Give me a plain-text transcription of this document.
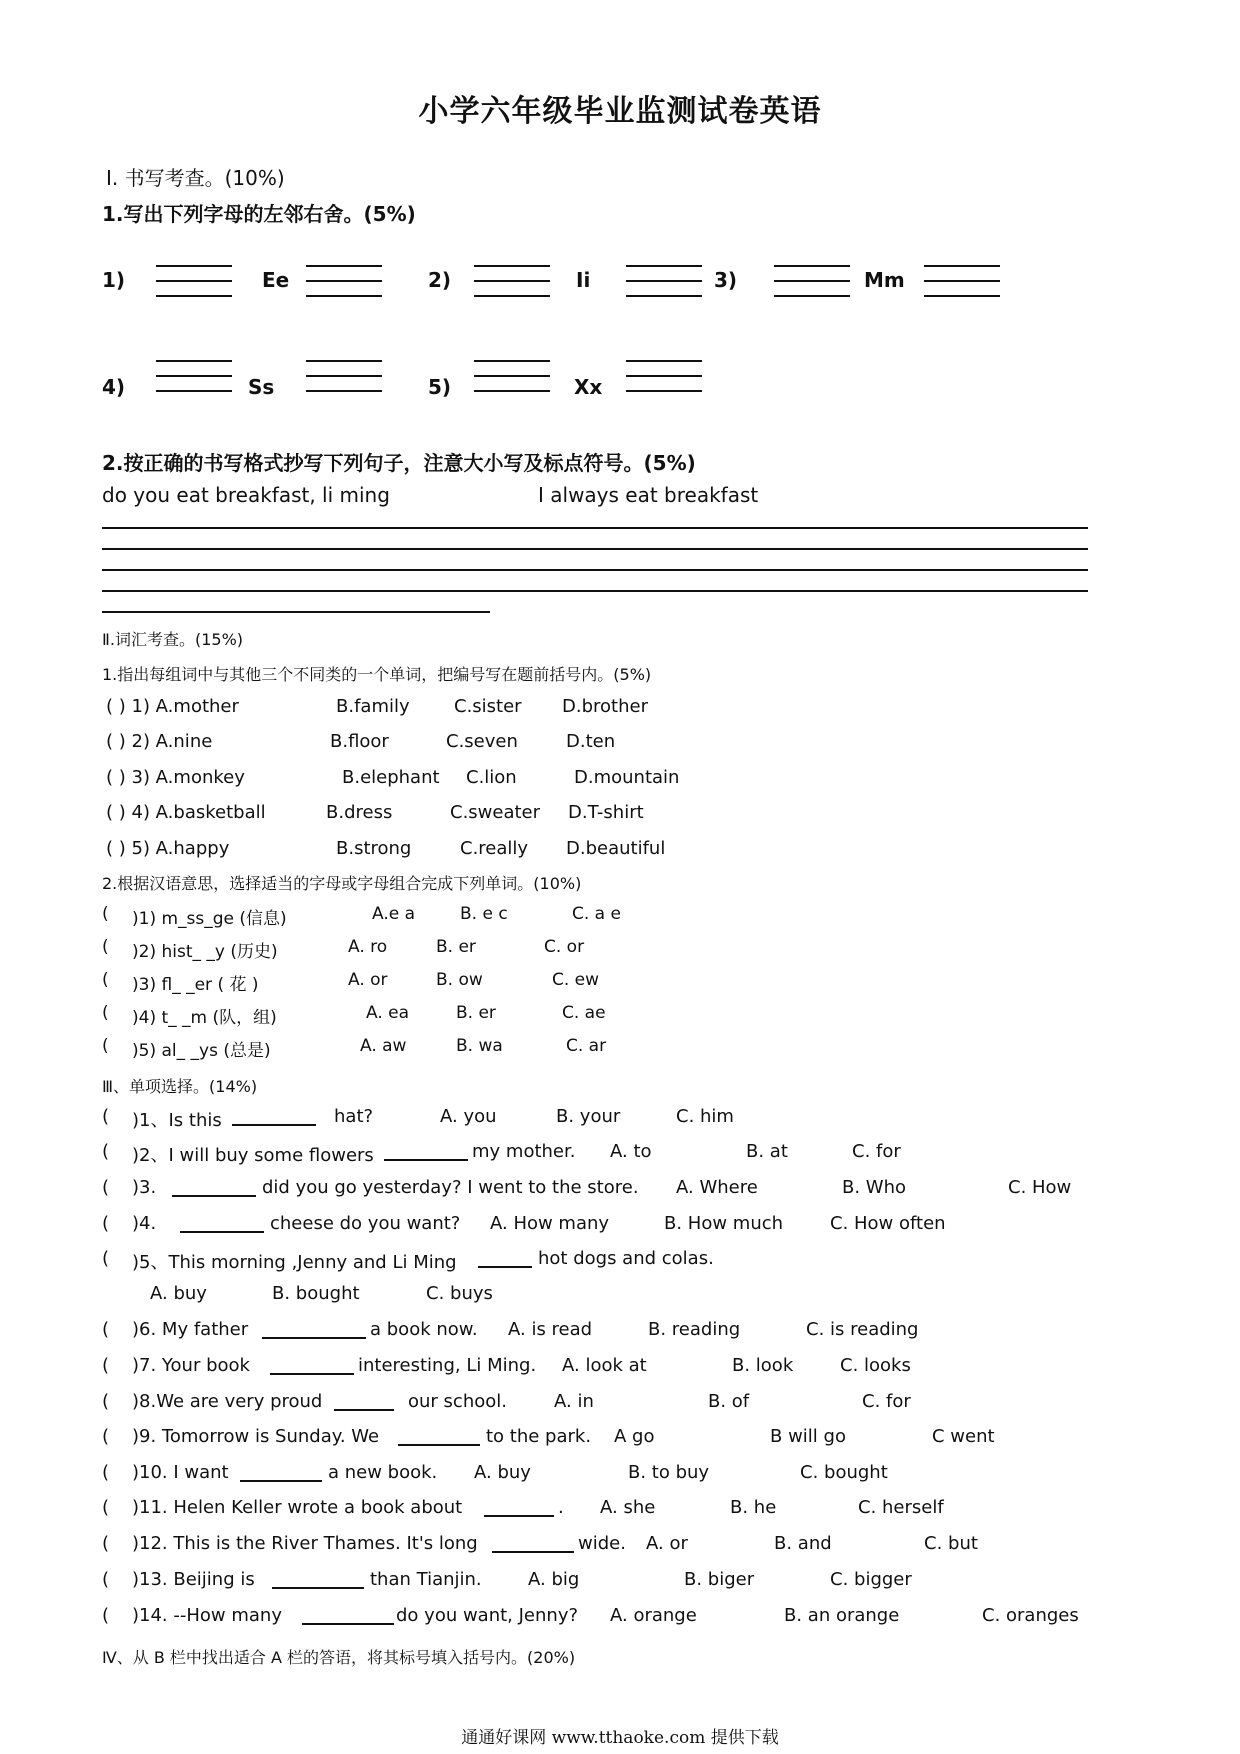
小学六年级毕业监测试卷英语
Ⅰ. 书写考查。(10%)
1.写出下列字母的左邻右舍。(5%)
1)	Ee	2)	Ii	3)	Mm
4)	Ss	5)	Xx
2.按正确的书写格式抄写下列句子，注意大小写及标点符号。(5%)
do you eat breakfast, li ming	I always eat breakfast
Ⅱ.词汇考查。(15%)
1.指出每组词中与其他三个不同类的一个单词，把编号写在题前括号内。(5%)
( ) 1) A.mother	B.family C.sister D.brother
( ) 2) A.nine	B.floor	C.seven	D.ten
( ) 3) A.monkey	B.elephant C.lion	D.mountain
( ) 4) A.basketball	B.dress	C.sweater D.T-shirt
( ) 5) A.happy	B.strong	C.really D.beautiful
2.根据汉语意思，选择适当的字母或字母组合完成下列单词。(10%)
( )1) m_ss_ge (信息)	A.e a	B. e c	C. a e
( )2) hist_ _y (历史)	A. ro	B. er	C. or
( )3) fl_ _er ( 花 )	A. or	B. ow	C. ew
( )4) t_ _m (队，组)	A. ea	B. er	C. ae
( )5) al_ _ys (总是)	A. aw	B. wa	C. ar
Ⅲ、单项选择。(14%)
( )1、Is this	hat?	A. you	B. your	C. him
( )2、I will buy some flowers	my mother. A. to	B. at	C. for
( )3.	did you go yesterday? I went to the store. A. Where	B. Who	C. How
( )4.	cheese do you want? A. How many	B. How much	C. How often
( )5、This morning ,Jenny and Li Ming	hot dogs and colas.
A. buy	B. bought	C. buys
( )6. My father	a book now. A. is read	B. reading	C. is reading
( )7. Your book	interesting, Li Ming. A. look at	B. look	C. looks
( )8.We are very proud	our school.	A. in	B. of	C. for
( )9. Tomorrow is Sunday. We	to the park. A go	B will go	C went
( )10. I want	a new book. A. buy	B. to buy	C. bought
( )11. Helen Keller wrote a book about	. A. she	B. he	C. herself
( )12. This is the River Thames. It's long	wide. A. or	B. and	C. but
( )13. Beijing is	than Tianjin.	A. big	B. biger	C. bigger
( )14. --How many	do you want, Jenny? A. orange	B. an orange	C. oranges
Ⅳ、从 B 栏中找出适合 A 栏的答语，将其标号填入括号内。(20%)
通通好课网 www.tthaoke.com 提供下载
